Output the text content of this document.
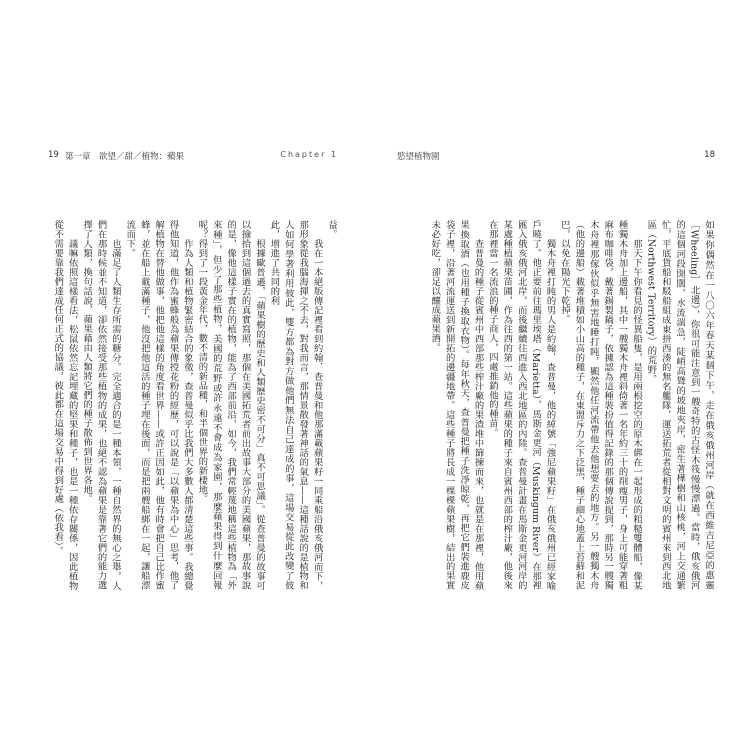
19 第一章　欲望／甜／植物：蘋果	Chapter 1

益。

我在一本絕版傳記裡看到約翰．查普曼和他那滿載蘋果籽一同乘船沿俄亥俄河而下，那形象從我腦海揮之不去，對我而言，那情景散發著神話的氣息——這種話說的是植物和人如何學著利用彼此，雙方都為對方做他們無法自己達成的事，這場交易從此改變了彼此，增進了共同的利

根據歐普遜，「蘋果樹的歷史和人類歷史密不可分」真不可思議」。從查普曼的故事可以撿拾到這個過去的真實寫照，那個在美國拓荒者前出故事大部分的美國蘋果，那故事說的是，像他這樣子實在的植物，能為了西部前沿，如今，我們常輕蔑地稱這些植物為「外來種」，但少了那些植物，美國的荒野或許永遠不會成為家園，那麼蘋果得到什麼回報呢？得到了一段黃金年代，數不清的新品種，和半個世界的新棲地。

作為人類和植物緊密結合的象徵，查普曼似乎比我們大多數人都清楚這些事。我總覺得他知道，他作為蜜蜂般為蘋果傳授花粉的經歷，可以說是「以蘋果為中心」思考，他了解植物在替他做事，他把他這樣的角度看世界——或許正因如此，他有時會把自己比作蜜蜂，並在船上載滿種子，他沒把他這活的種子埋在後面，而是把兩艘船綁在一起，讓船漂流而下。

也滿足了人類生存所需的糖分。完全適合的是一種本領，一種自然界的無心之舉，人們在那時候並不知道，卻依然接受那些植物的成果，也絕不認為蘋果是靠著它們的能力選擇了人類，換句話說，蘋果藉由人類將它們的種子散佈到世界各地。

議嘛依照這樣看法，松鼠依然忘記埋藏的堅果和種子，也是一種依存關係，因此植物從不需要靠我們達成任何正式的協議，彼此都在這場交易中得到好處（依我看）。

慾望植物園	18

如果你偶然在一八〇六年春天某個下午，走在俄亥俄州河岸（就在西維吉尼亞的惠靈［Wheeling］北邊），你很可能注意到一艘奇特的古怪木筏慢慢漂過。當時，俄亥俄河的這個河段開闊，水流湍急，陡峭高聳的坡地夾岸，密生著樺樹和山核桃，河上交通繁忙，平底貨船和駁船組成東拼西湊的無名艦隊，運送拓荒者從相對文明的賓州來到西北地區（Northwest Territory）的荒野。

那天下午你看見的怪異船隻，是用兩根挖空的原木綁在一起形成的粗糙雙體船，像某種獨木舟加上邊船，其中一艘獨木舟裡斜倚著一名年約三十的削瘦男子，身上可能穿著粗麻布咖啡袋，戴著錫製鍋子，依據認為這種裝扮值得記錄的那個傳說提到，那時另一艘獨木舟裡那傢伙似乎無害地睡打盹，顯然他任河流帶他去他想要去的地方。另一艘獨木舟（他的邊船）載著堆積如小山高的種子，在東盟斥力之下泛黑，種子細心地蓋上苔蘚和泥巴，以免在陽光下乾掉。

獨木舟裡打盹的男人是約翰．查普曼，他的綽號「強尼蘋果籽」在俄亥俄州已經家喻戶曉了。他正要前往瑪里埃塔（Marietta），馬斯金更河（Muskingum River）在那裡匯入俄亥俄河北岸，而後繼續往西進入西北地區的內陸。查普曼計畫在馬斯金更河河岸的某處種植蘋果苗圃，作為往西的第一站。這些蘋果的種子來自賓州西部的榨汁廠，他後來在那裡當一名流浪的種子商人，四處推銷他的種苗。

查普曼的種子從賓州中西部那些榨汁廠的果渣堆中篩揀而來，也就是在那裡，他用蘋果換取酒（也用種子換取衣物）。每年秋天，查普曼把種子洗淨晾乾，再把它們裝進鹿皮袋子裡，沿著河流運送到新開拓的邊疆地帶。這些種子將長成一棵棵蘋果樹，結出的果實未必好吃，卻足以釀成蘋果酒。
